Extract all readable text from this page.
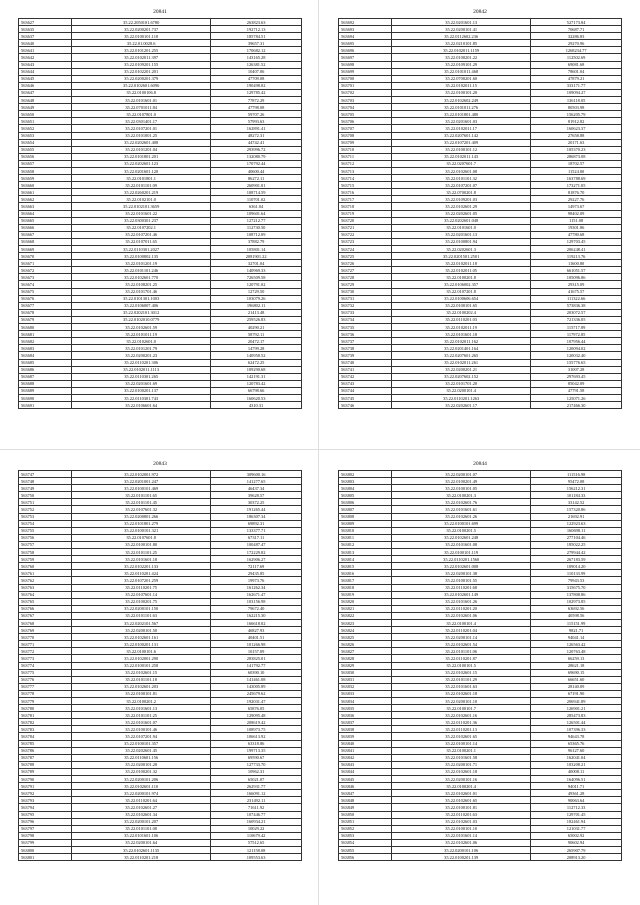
20841
563627	35.22.2050101.6780	263823.63
563635	35.22.0200201.737	192712.13
563637	35.22.0100101.118	185784.51
563640	35.22.01.0028.6	39657.31
563641	35.22.0101201.255	170682.12
563642	35.22.0102011.397	143165.28
563643	35.22.0109201.155	126381.52
563644	35.22.0102201.201	10407.06
563645	35.22.0200201.379	47709.08
563646	35.22.0102601.6096	190498.02
563647	35.22.0100106.8	129785.42
563648	35.22.0101601.01	77872.29
563649	35.22.0701011.84	47798.08
563650	35.22.0107801.0	59707.26
563651	35.22.0301401.17	57993.63
563652	35.22.0107201.01	162891.41
563653	35.22.0101001.25	48272.31
563654	35.22.0202601.408	44742.41
563655	35.22.0101201.04	293996.72
563656	35.22.0101801.201	132080.79
563657	35.22.0202601.123	170792.44
563658	35.22.0201601.120	40600.44
563659	35.22.0101801.1	86272.11
563660	35.22.0101101.09	260901.01
563661	35.22.0260201.219	108714.59
563662	35.22.0102101.0	110701.02
563663	35.22.0102101.3659	6361.04
563664	35.22.0101601.22	109601.64
563665	35.22.0300301.237	127212.77
563666	35.22.0107202.1	112730.50
563667	35.22.0107201.46	108712.09
563668	35.22.0107011.65	37882.79
563669	35.22.0110301.2027	105801.14
563670	35.22.0100802.135	2081901.22
563671	35.22.0101201.19	32701.04
563672	35.22.0101101.246	140969.33
563673	35.22.0102601.770	726509.58
563674	35.22.0108201.25	120791.02
563675	35.22.0101701.46	12729.50
563676	35.22.0101301.1003	103079.26
563677	35.22.0106007.406	196802.11
563678	35.22.0202101.3012	21413.48
563679	35.22.0102010.0779	259526.83
563680	35.22.0102601.59	40290.21
563681	35.22.0101011.19	58792.11
563682	35.22.0102601.0	20472.17
563683	35.22.0101201.79	14799.28
563684	35.22.0200201.23	140958.52
563685	35.22.0110201.306	62472.25
563686	35.22.0102011.1113	109290.68
563687	35.22.0110301.265	142191.31
563688	35.22.0201601.69	120783.42
563689	35.22.0100201.137	66798.66
563690	35.22.0110301.743	160620.53
563691	35.22.0106601.64	4310.31
20842
563692	35.22.0201601.13	527173.84
563693	35.22.0200101.41	70687.71
563694	35.22.0112602.236	32286.83
563695	35.22.0210101.85	29270.96
563696	35.22.0102011.1159	1268234.77
563697	35.22.0100201.22	112502.69
563698	35.22.0109101.29	69081.68
563699	35.22.0101011.468	78601.04
563700	35.22.0700201.60	47879.21
563701	35.22.0102011.15	333171.77
563702	35.22.0100101.20	109094.27
563703	35.22.0102602.249	136118.05
563704	35.22.0101011.276	80503.98
563705	35.22.0101801.480	156205.79
563706	35.22.0201601.03	81912.82
563707	35.22.0102011.17	160623.37
563708	35.22.0207601.142	27658.88
563709	35.22.0107201.409	20171.63
563710	35.22.0100101.12	105370.23
563711	35.22.0102011.143	286873.08
563712	35.22.0207601.7	18702.57
563713	35.22.0102601.08	11524.00
563714	35.22.0101101.32	163788.69
563715	35.22.0107201.07	173271.05
563716	35.22.0700201.8	81876.70
563717	35.22.0109201.03	29227.76
563718	35.22.0102601.29	14973.67
563719	35.22.0202601.05	98402.09
563720	35.22.0202601.048	1151.08
563721	35.22.0101601.0	19301.86
563722	35.22.0201601.13	47780.68
563723	35.22.0100801.94	129703.45
563724	35.22.0202601.3	206248.41
563725	35.22.0201501.2501	119213.76
563726	35.22.0102011.18	11600.80
563727	35.22.0102011.05	661051.57
563728	35.22.0100201.8	105096.86
563729	35.22.0106002.357	29315.09
563730	35.22.0107201.8	41675.57
563731	35.22.0100606.654	111322.66
563732	35.22.0100101.65	573836.38
563733	35.22.0100202.4	203072.57
563734	35.22.0110201.03	721336.05
563735	35.22.0102011.19	115717.89
563736	35.22.0101601.18	117972.85
563737	35.22.0102011.162	107956.44
563738	35.22.0201401.164	120094.02
563739	35.22.0207601.265	120032.40
563740	35.22.0102011.261	155776.65
563741	35.22.0200201.21	31007.28
563742	35.22.0207602.152	297693.45
563743	35.22.0101701.20	85042.09
563744	35.22.0200101.4	47791.58
563745	35.22.0110201.1263	125071.26
563746	35.22.0202601.17	217466.30
20843
563747	35.22.0102001.972	309600.16
563748	35.22.0201001.247	141277.65
563749	35.22.0100101.469	46437.34
563750	35.22.0101101.65	39628.57
563751	35.22.0101101.45	30372.25
563752	35.22.0107601.32	191265.44
563753	35.22.0200801.266	186307.34
563754	35.22.0101801.279	69892.31
563755	35.22.0100101.321	133377.71
563756	35.22.0107601.8	67317.11
563757	35.22.0100101.80	100487.47
563758	35.22.0101101.25	172229.82
563759	35.22.0101601.18	162906.27
563760	35.22.0102201.133	72117.69
563761	35.22.0110201.424	29435.85
563762	35.22.0107201.259	19973.76
563763	35.22.0110201.75	161262.34
563764	35.22.0107601.14	162671.47
563765	35.22.0100201.75	103156.98
563766	35.22.0200101.150	79672.40
563767	35.22.0101101.63	162215.30
563768	35.22.0202101.567	166618.02
563769	35.22.0200101.50	46827.93
563770	35.22.0102601.161	40401.51
563771	35.22.0100201.131	101266.98
563772	35.22.0100101.6	10157.09
563773	35.22.0102001.290	283825.01
563774	35.22.0100101.258	141792.77
563775	35.22.0102601.15	60390.10
563776	35.22.0101101.18	141461.08
563777	35.22.0102601.203	143005.89
563778	35.22.0100101.81	245679.62
563779	35.22.0100201.2	192031.47
563780	35.22.0101601.13	65876.05
563781	35.22.0101101.25	129095.48
563782	35.22.0101601.07	208619.42
563783	35.22.0100101.46	108973.75
563784	35.22.0107201.94	106613.92
563785	35.22.0100101.357	63318.86
563786	35.22.0202601.45	199713.35
563787	35.22.0110601.156	69590.67
563788	35.22.0200101.28	127733.70
563789	35.22.0100201.32	10962.31
563790	35.22.0200101.206	65021.07
563791	35.22.0102601.110	262931.77
563792	35.22.0200101.974	166091.12
563793	35.22.0110201.64	231492.11
563794	35.22.0102601.27	71611.92
563795	35.22.0102601.34	107446.77
563796	35.22.0200101.207	160934.21
563797	35.22.0101101.08	10029.22
563798	35.22.0101601.106	110679.42
563799	35.22.0200101.64	57512.65
563800	35.22.0102601.1135	121158.08
563801	35.22.0110201.218	109553.63
20844
563802	35.22.0200101.07	111516.98
563803	35.22.0100201.49	95472.08
563804	35.22.0100101.05	156212.31
563805	35.22.0100201.3	101184.33
563806	35.22.0102601.76	33142.52
563807	35.22.0101601.61	157320.86
563808	35.22.0102601.26	21692.91
563809	35.22.0100101.699	122923.63
563810	35.22.0100201.5	160698.11
563811	35.22.0102601.248	277104.46
563812	35.22.0101601.08	185022.25
563813	35.22.0100101.119	279944.42
563814	35.22.0110201.1560	267183.59
563815	35.22.0102601.008	109014.20
563816	35.22.0200101.38	110133.99
563817	35.22.0100101.55	79943.53
563818	35.22.0110201.68	315675.70
563819	35.22.0102601.149	137808.86
563820	35.22.0101601.26	102973.85
563821	35.22.0110201.20	63692.56
563822	35.22.0102601.06	40598.56
563823	35.22.0100101.4	115151.99
563824	35.22.0110201.04	9821.71
563825	35.22.0200101.14	94041.14
563826	35.22.0102601.54	126563.42
563827	35.22.0101101.06	120763.48
563828	35.22.0110201.87	66259.13
563829	35.22.0100101.5	28621.18
563830	35.22.0102601.15	69690.15
563831	35.22.0101101.29	66651.60
563832	35.22.0101601.63	28140.09
563833	35.22.0102601.18	67191.90
563834	35.22.0200101.10	206941.89
563835	35.22.0100101.7	126901.21
563836	35.22.0102601.16	285473.83
563837	35.22.0110201.36	126501.44
563838	35.22.0110201.13	107396.33
563839	35.22.0102601.65	94643.78
563840	35.22.0100101.14	65365.76
563841	35.22.0100201.1	96127.60
563842	35.22.0101601.58	162041.04
563843	35.22.0200101.71	103208.21
563844	35.22.0102601.18	40008.11
563845	35.22.0200101.16	164096.51
563846	35.22.0100201.4	94011.71
563847	35.22.0102601.01	49361.28
563848	35.22.0102601.65	90063.64
563849	35.22.0100101.81	112712.33
563850	35.22.0110201.63	129701.45
563851	35.22.0102601.03	182461.94
563852	35.22.0100101.10	121031.77
563853	35.22.0101601.14	65002.92
563854	35.22.0102601.06	90602.94
563855	35.22.0200101.106	265907.79
563856	35.22.0100201.139	208913.20
